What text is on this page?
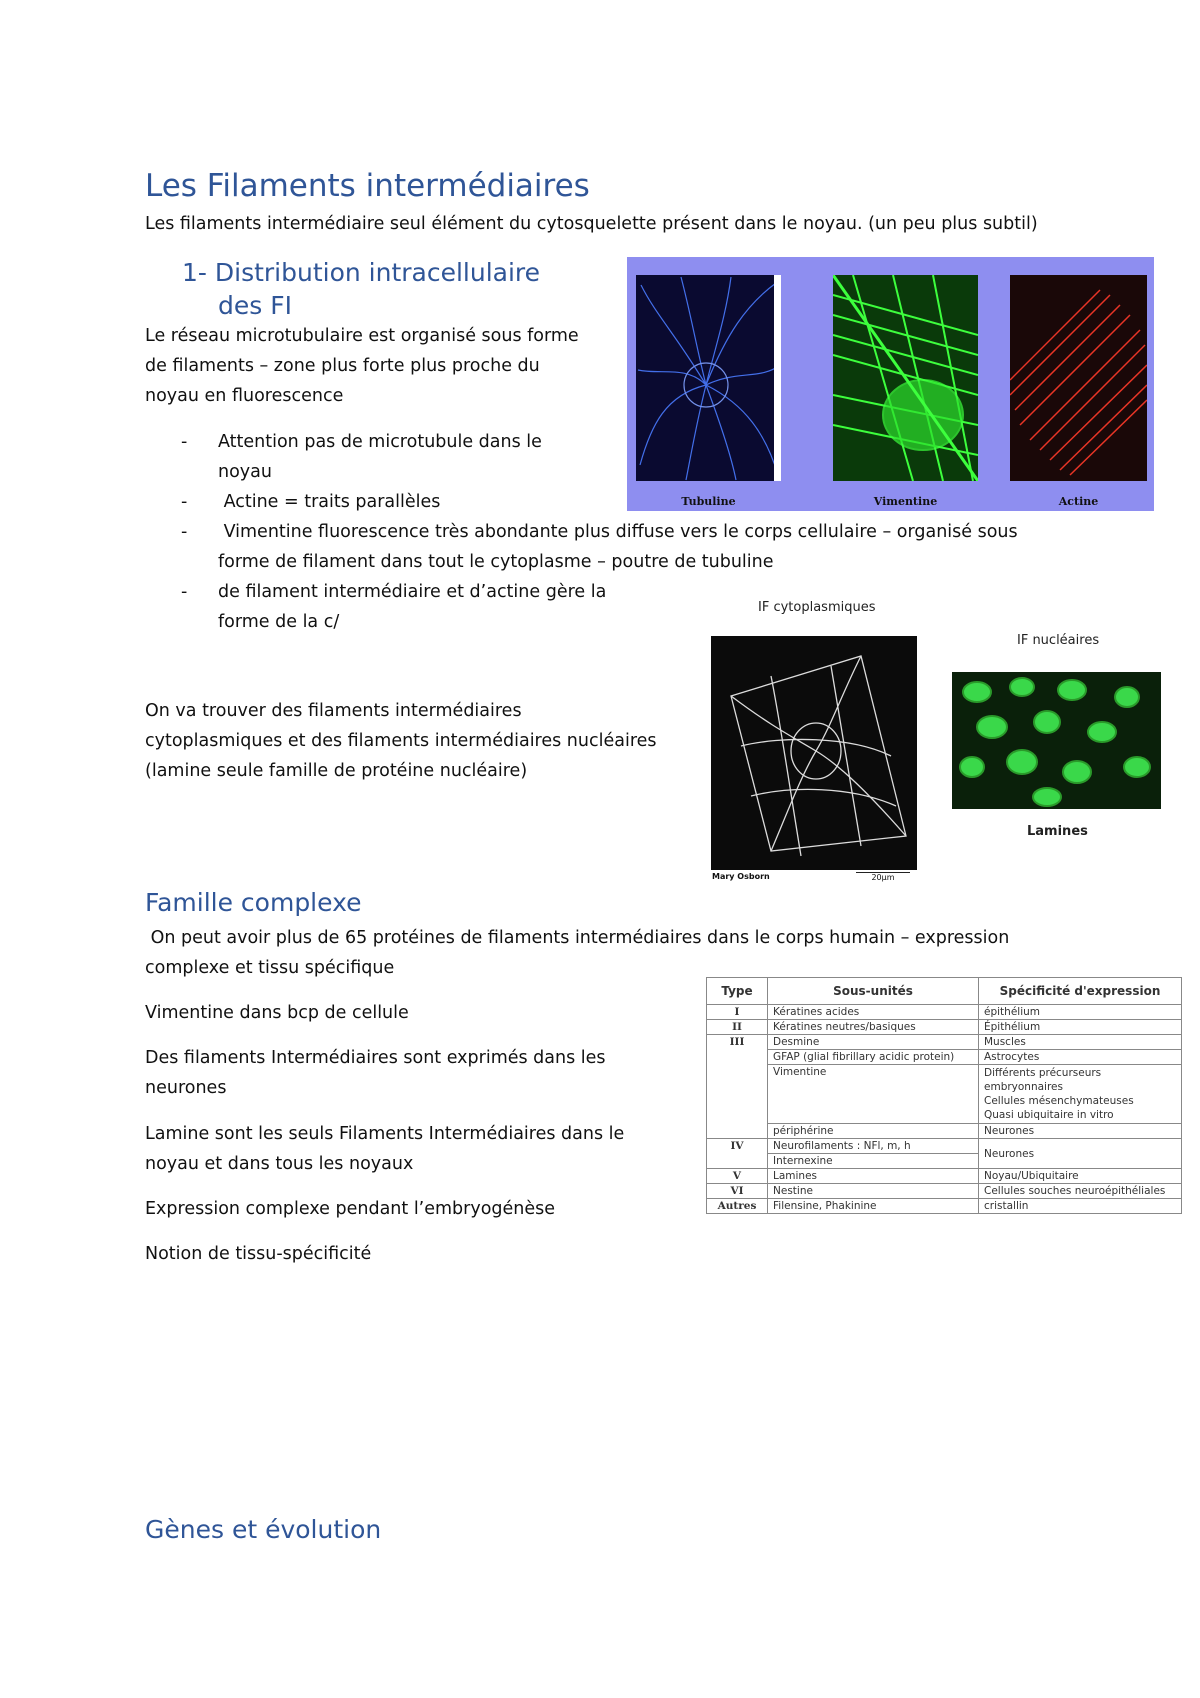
Les Filaments intermédiaires
Les filaments intermédiaire seul élément du cytosquelette présent dans le noyau. (un peu plus subtil)
1- Distribution intracellulaire
des FI
Le réseau microtubulaire est organisé sous forme
de filaments – zone plus forte plus proche du
noyau en fluorescence
- Attention pas de microtubule dans le
noyau
- Actine = traits parallèles
- Vimentine fluorescence très abondante plus diffuse vers le corps cellulaire – organisé sous
forme de filament dans tout le cytoplasme – poutre de tubuline
- de filament intermédiaire et d’actine gère la
forme de la c/
Tubuline	Vimentine	Actine
IF cytoplasmiques
IF nucléaires
Mary Osborn	20µm
Lamines
On va trouver des filaments intermédiaires
cytoplasmiques et des filaments intermédiaires nucléaires
(lamine seule famille de protéine nucléaire)
Famille complexe
On peut avoir plus de 65 protéines de filaments intermédiaires dans le corps humain – expression
complexe et tissu spécifique
Vimentine dans bcp de cellule
Des filaments Intermédiaires sont exprimés dans les
neurones
Lamine sont les seuls Filaments Intermédiaires dans le
noyau et dans tous les noyaux
Expression complexe pendant l’embryogénèse
Notion de tissu-spécificité
Type	Sous-unités	Spécificité d'expression
I	Kératines acides	épithélium
II	Kératines neutres/basiques	Épithélium
III	Desmine	Muscles
	GFAP (glial fibrillary acidic protein)	Astrocytes
	Vimentine	Différents précurseurs embryonnaires
Cellules mésenchymateuses
Quasi ubiquitaire in vitro
	périphérine	Neurones
IV	Neurofilaments : NFl, m, h	Neurones
	Internexine	
V	Lamines	Noyau/Ubiquitaire
VI	Nestine	Cellules souches neuroépithéliales
Autres	Filensine, Phakinine	cristallin
Gènes et évolution
